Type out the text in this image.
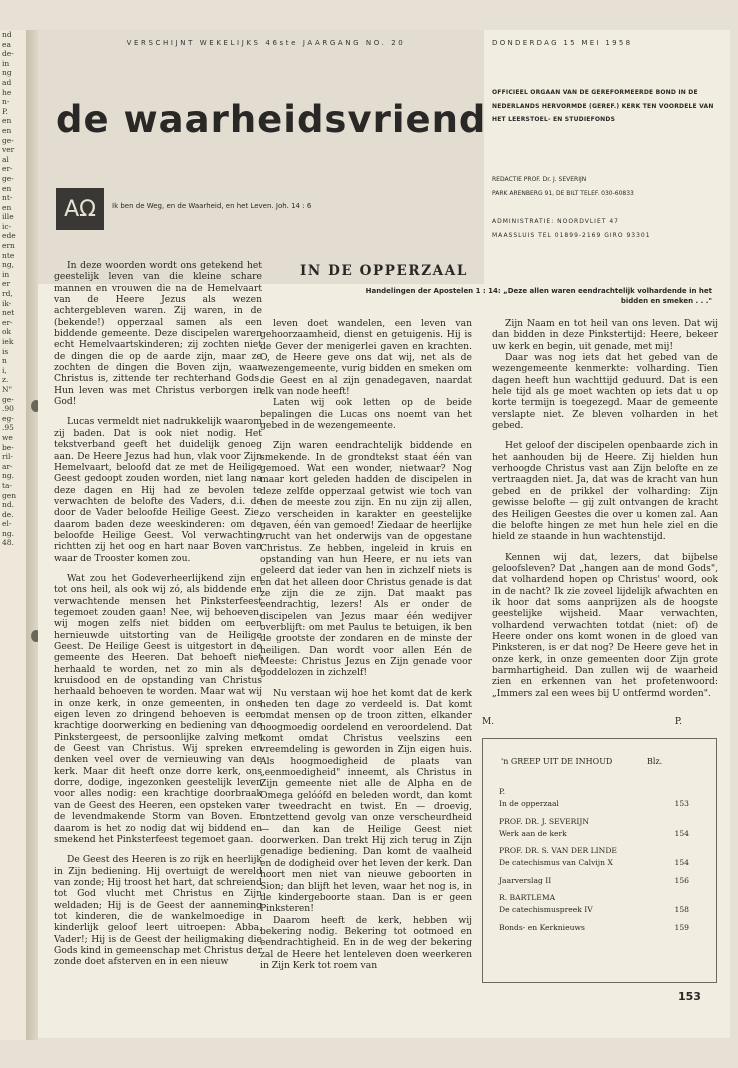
nd
ea
de-
in
ng
ad
he
n-
P.
en
en
ge-
ver
al
er-
ge-
en
nt-
en
ille
ic-
ede
ern
nte
ng,
in
er
rd,
ik-
net
er-
ok
iek
is
n
i,
z.
N"
ge-
.90
eg-
.95
we
be-
ril-
ar-
ng.
ta-
gen
nd.
de.
el-
ng.
48.
VERSCHIJNT WEKELIJKS 46ste JAARGANG NO. 20
de waarheidsvriend
AΩ Ik ben de Weg, en de Waarheid, en het Leven. Joh. 14 : 6
DONDERDAG 15 MEI 1958
OFFICIEEL ORGAAN VAN DE GEREFORMEERDE BOND IN DE NEDERLANDS HERVORMDE (GEREF.) KERK TEN VOORDELE VAN HET LEERSTOEL- EN STUDIEFONDS
REDACTIE PROF. Dr. J. SEVERIJN
PARK ARENBERG 91, DE BILT TELEF. 030-60833
ADMINISTRATIE: NOORDVLIET 47
MAASSLUIS TEL 01899-2169 GIRO 93301
IN DE OPPERZAAL
Handelingen der Apostelen 1 : 14: „Deze allen waren eendrachtelijk volhardende in het bidden en smeken . . ."

In deze woorden wordt ons getekend het geestelijk leven van die kleine schare mannen en vrouwen die na de Hemelvaart van de Heere Jezus als wezen achtergebleven waren. Zij waren, in de (bekende!) opperzaal samen als een biddende gemeente. Deze discipelen waren echt Hemelvaartskinderen; zij zochten niet de dingen die op de aarde zijn, maar ze zochten de dingen die Boven zijn, waar Christus is, zittende ter rechterhand Gods. Hun leven was met Christus verborgen in God!

Lucas vermeldt niet nadrukkelijk waarom zij baden. Dat is ook niet nodig. Het tekstverband geeft het duidelijk genoeg aan. De Heere Jezus had hun, vlak voor Zijn Hemelvaart, beloofd dat ze met de Heilige Geest gedoopt zouden worden, niet lang na deze dagen en Hij had ze bevolen te verwachten de belofte des Vaders, d.i. de door de Vader beloofde Heilige Geest. Zie, daarom baden deze weeskinderen: om de beloofde Heilige Geest. Vol verwachting richtten zij het oog en hart naar Boven van waar de Trooster komen zou.

Wat zou het Godeverheerlijkend zijn en tot ons heil, als ook wij zó, als biddende en verwachtende mensen het Pinksterfeest tegemoet zouden gaan! Nee, wij behoeven, wij mogen zelfs niet bidden om een hernieuwde uitstorting van de Heilige Geest. De Heilige Geest is uitgestort in de gemeente des Heeren. Dat behoeft niet herhaald te worden, net zo min als de kruisdood en de opstanding van Christus herhaald behoeven te worden. Maar wat wij in onze kerk, in onze gemeenten, in ons eigen leven zo dringend behoeven is een krachtige doorwerking en bediening van de Pinkstergeest, de persoonlijke zalving met de Geest van Christus. Wij spreken en denken veel over de vernieuwing van de kerk. Maar dit heeft onze dorre kerk, ons dorre, dodige, ingezonken geestelijk leven voor alles nodig: een krachtige doorbraak van de Geest des Heeren, een opsteken van de levendmakende Storm van Boven. En daarom is het zo nodig dat wij biddend en smekend het Pinksterfeest tegemoet gaan.

De Geest des Heeren is zo rijk en heerlijk in Zijn bediening. Hij overtuigt de wereld van zonde; Hij troost het hart, dat schreiend tot God vlucht met Christus en Zijn weldaden; Hij is de Geest der aanneming tot kinderen, die de wankelmoedige in kinderlijk geloof leert uitroepen: Abba, Vader!; Hij is de Geest der heiligmaking die Gods kind in gemeenschap met Christus der zonde doet afsterven en in een nieuw

leven doet wandelen, een leven van gehoorzaamheid, dienst en getuigenis. Hij is de Gever der menigerlei gaven en krachten. O, de Heere geve ons dat wij, net als de wezengemeente, vurig bidden en smeken om die Geest en al zijn genadegaven, naardat elk van node heeft!

Laten wij ook letten op de beide bepalingen die Lucas ons noemt van het gebed in de wezengemeente.

Zijn waren eendrachtelijk biddende en smekende. In de grondtekst staat één van gemoed. Wat een wonder, nietwaar? Nog maar kort geleden hadden de discipelen in deze zelfde opperzaal getwist wie toch van hen de meeste zou zijn. En nu zijn zij allen, zo verscheiden in karakter en geestelijke gaven, één van gemoed! Ziedaar de heerlijke vrucht van het onderwijs van de opgestane Christus. Ze hebben, ingeleid in kruis en opstanding van hun Heere, er nu iets van geleerd dat ieder van hen in zichzelf niets is en dat het alleen door Christus genade is dat ze zijn die ze zijn. Dat maakt pas eendrachtig, lezers! Als er onder de discipelen van Jezus maar één wedijver overblijft: om met Paulus te betuigen, ik ben de grootste der zondaren en de minste der heiligen. Dan wordt voor allen Eén de Meeste: Christus Jezus en Zijn genade voor goddelozen in zichzelf!

Nu verstaan wij hoe het komt dat de kerk heden ten dage zo verdeeld is. Dat komt omdat mensen op de troon zitten, elkander hoogmoedig oordelend en veroordelend. Dat komt omdat Christus veelszins een vreemdeling is geworden in Zijn eigen huis. Als hoogmoedigheid de plaats van „eenmoedigheid" inneemt, als Christus in Zijn gemeente niet alle de Alpha en de Omega gelóófd en beleden wordt, dan komt er tweedracht en twist. En — droevig, ontzettend gevolg van onze verscheurdheid — dan kan de Heilige Geest niet doorwerken. Dan trekt Hij zich terug in Zijn genadige bediening. Dan komt de vaalheid en de dodigheid over het leven der kerk. Dan hoort men niet van nieuwe geboorten in Sion; dan blijft het leven, waar het nog is, in de kindergeboorte staan. Dan is er geen Pinksteren!

Daarom heeft de kerk, hebben wij bekering nodig. Bekering tot ootmoed en eendrachtigheid. En in de weg der bekering zal de Heere het lenteleven doen weerkeren in Zijn Kerk tot roem van

Zijn Naam en tot heil van ons leven. Dat wij dan bidden in deze Pinkstertijd: Heere, bekeer uw kerk en begin, uit genade, met mij!

Daar was nog iets dat het gebed van de wezengemeente kenmerkte: volharding. Tien dagen heeft hun wachttijd geduurd. Dat is een hele tijd als ge moet wachten op iets dat u op korte termijn is toegezegd. Maar de gemeente verslapte niet. Ze bleven volharden in het gebed.

Het geloof der discipelen openbaarde zich in het aanhouden bij de Heere. Zij hielden hun verhoogde Christus vast aan Zijn belofte en ze vertraagden niet. Ja, dat was de kracht van hun gebed en de prikkel der volharding: Zijn gewisse belofte — gij zult ontvangen de kracht des Heiligen Geestes die over u komen zal. Aan die belofte hingen ze met hun hele ziel en die hield ze staande in hun wachtenstijd.

Kennen wij dat, lezers, dat bijbelse geloofsleven? Dat „hangen aan de mond Gods", dat volhardend hopen op Christus' woord, ook in de nacht? Ik zie zoveel lijdelijk afwachten en ik hoor dat soms aanprijzen als de hoogste geestelijke wijsheid. Maar verwachten, volhardend verwachten totdat (niet: of) de Heere onder ons komt wonen in de gloed van Pinksteren, is er dat nog? De Heere geve het in onze kerk, in onze gemeenten door Zijn grote barmhartigheid. Dan zullen wij de waarheid zien en erkennen van het profetenwoord: „Immers zal een wees bij U ontfermd worden".

M.	P.
'n GREEP UIT DE INHOUD	Blz.
P.
In de opperzaal	153
PROF. DR. J. SEVERIJN
Werk aan de kerk	154
PROF. DR. S. VAN DER LINDE
De catechismus van Calvijn X	154
Jaarverslag II	156
R. BARTLEMA
De catechismuspreek IV	158
Bonds- en Kerknieuws	159
153
